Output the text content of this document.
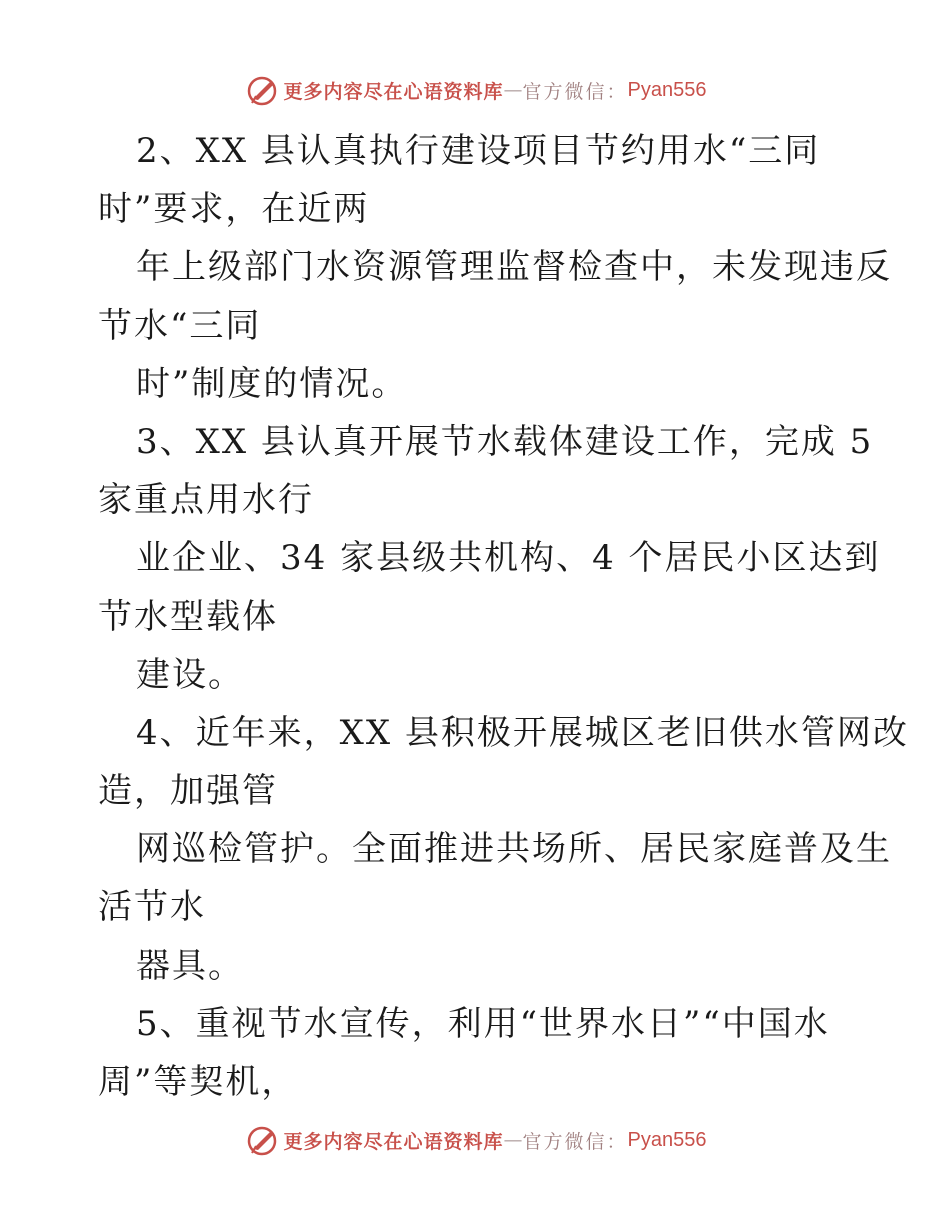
更多内容尽在心语资料库 — 官方微信： Pyan556
2、XX 县认真执行建设项目节约用水“三同
时”要求，在近两
年上级部门水资源管理监督检查中，未发现违反
节水“三同
时”制度的情况。
3、XX 县认真开展节水载体建设工作，完成 5
家重点用水行
业企业、34 家县级共机构、4 个居民小区达到
节水型载体
建设。
4、近年来，XX 县积极开展城区老旧供水管网改
造，加强管
网巡检管护。全面推进共场所、居民家庭普及生
活节水
器具。
5、重视节水宣传，利用“世界水日”“中国水
周”等契机，
更多内容尽在心语资料库 — 官方微信： Pyan556
